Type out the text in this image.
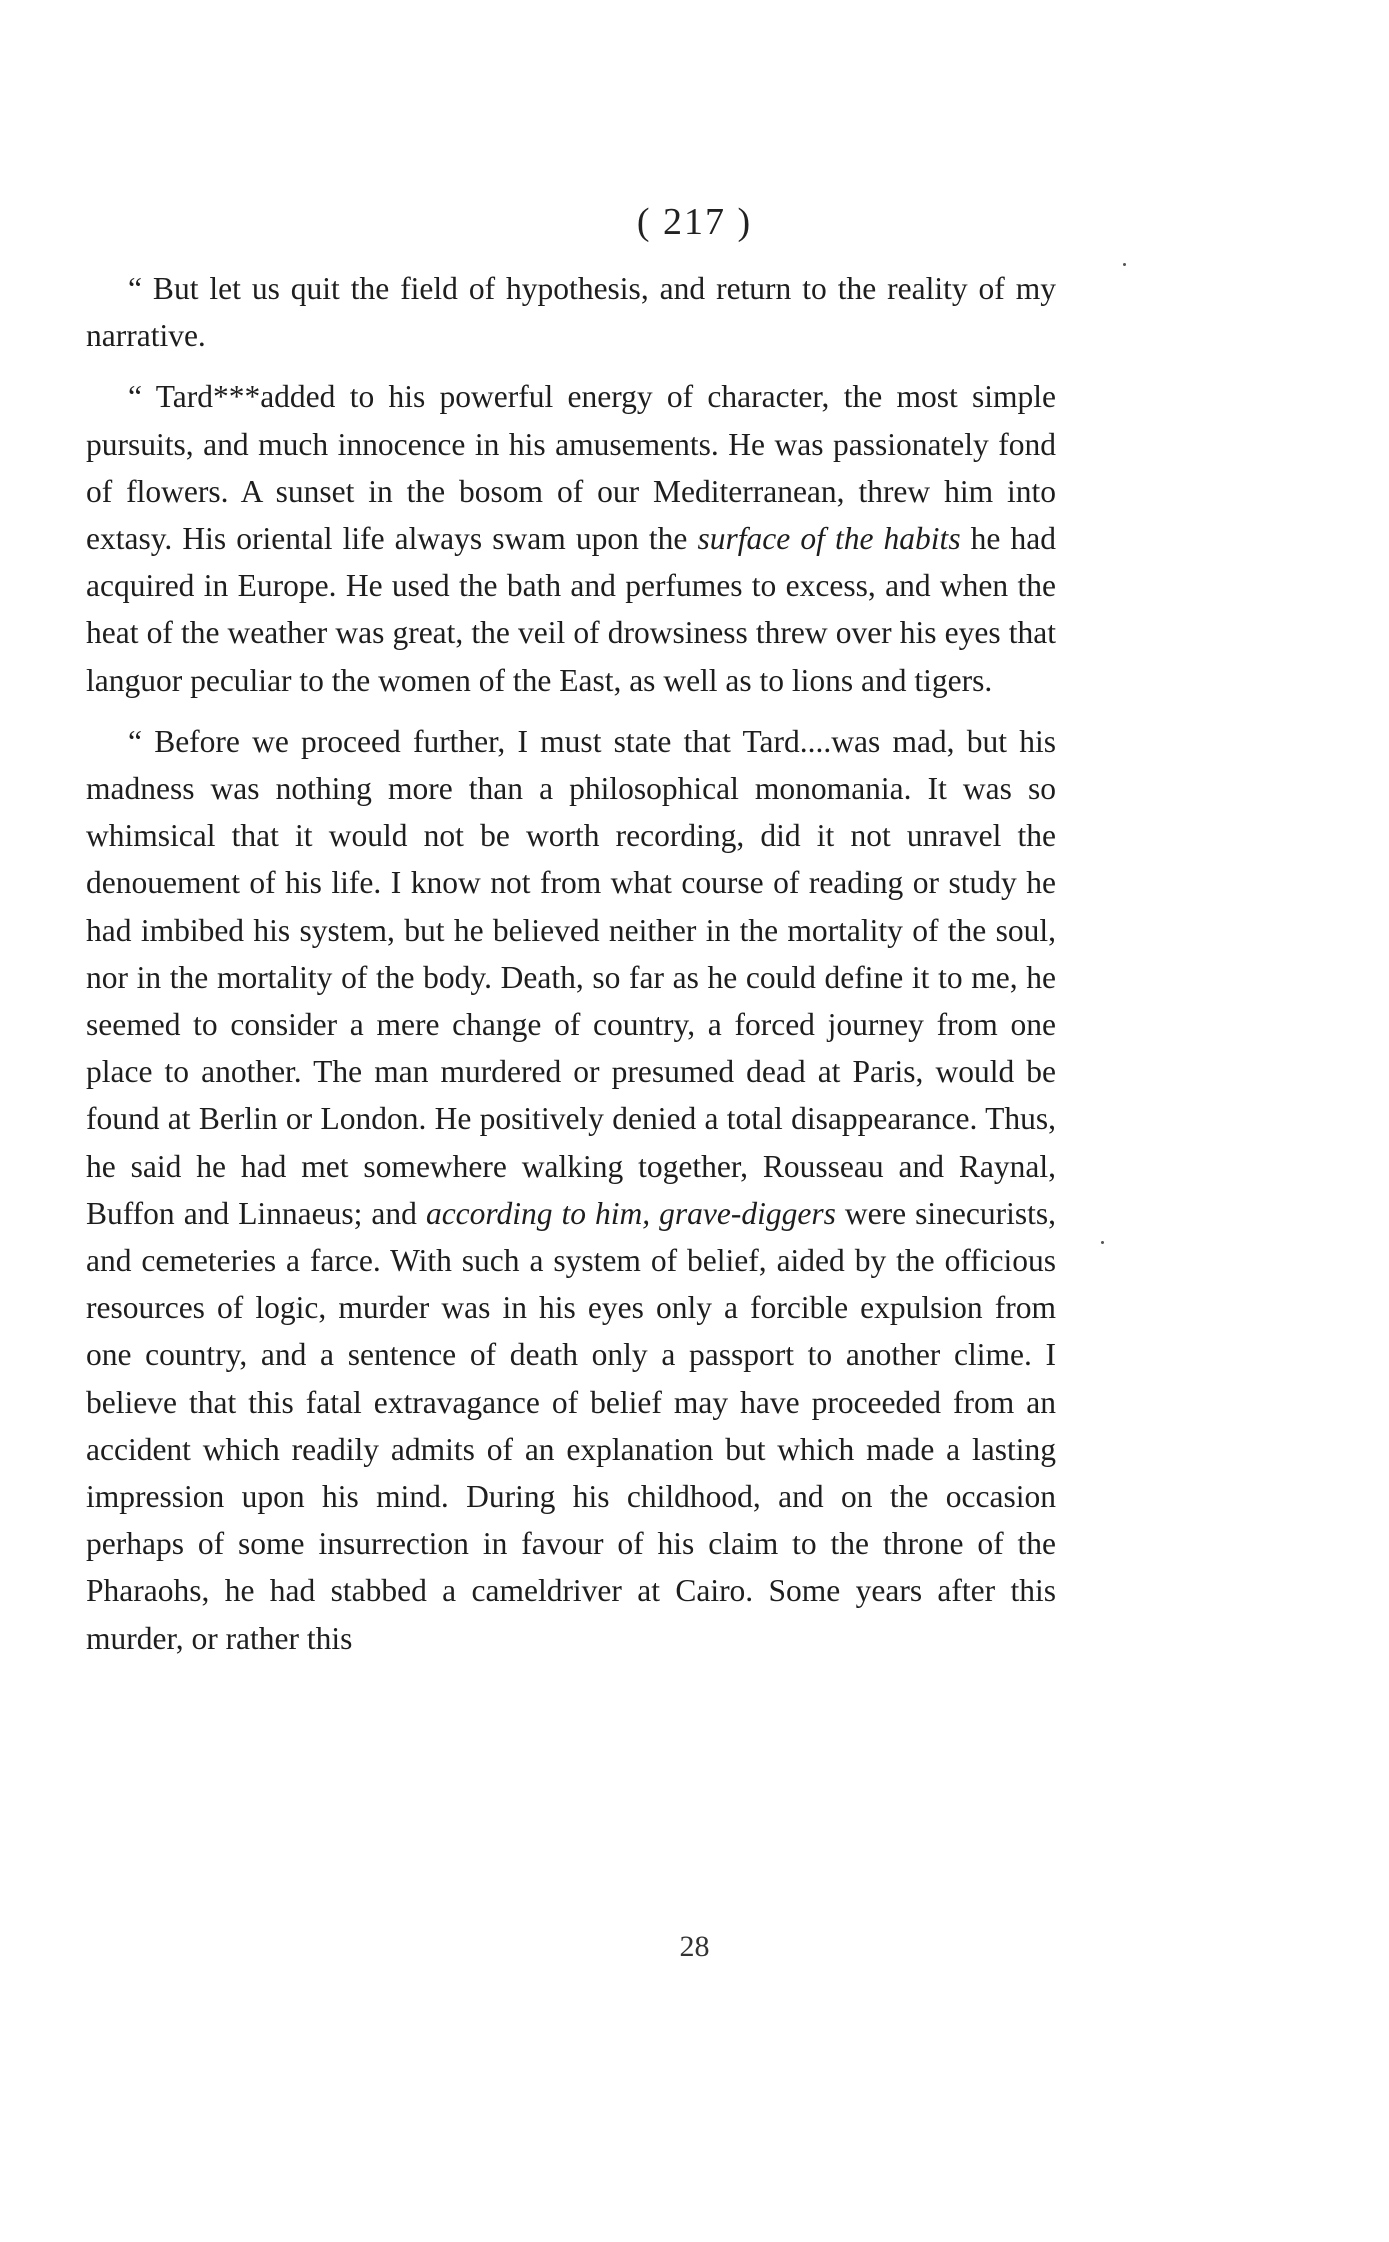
( 217 )

“ But let us quit the field of hypothesis, and return to the reality of my narrative.

“ Tard***added to his powerful energy of character, the most simple pursuits, and much innocence in his amusements. He was passionately fond of flowers. A sunset in the bosom of our Mediterranean, threw him into extasy. His oriental life always swam upon the surface of the habits he had acquired in Europe. He used the bath and perfumes to excess, and when the heat of the weather was great, the veil of drowsiness threw over his eyes that languor peculiar to the women of the East, as well as to lions and tigers.

“ Before we proceed further, I must state that Tard....was mad, but his madness was nothing more than a philosophical monomania. It was so whimsical that it would not be worth recording, did it not unravel the denouement of his life. I know not from what course of reading or study he had imbibed his system, but he believed neither in the mortality of the soul, nor in the mortality of the body. Death, so far as he could define it to me, he seemed to consider a mere change of country, a forced journey from one place to another. The man murdered or presumed dead at Paris, would be found at Berlin or London. He positively denied a total disappearance. Thus, he said he had met somewhere walking together, Rousseau and Raynal, Buffon and Linnaeus; and according to him, grave-diggers were sinecurists, and cemeteries a farce. With such a system of belief, aided by the officious resources of logic, murder was in his eyes only a forcible expulsion from one country, and a sentence of death only a passport to another clime. I believe that this fatal extravagance of belief may have proceeded from an accident which readily admits of an explanation but which made a lasting impression upon his mind. During his childhood, and on the occasion perhaps of some insurrection in favour of his claim to the throne of the Pharaohs, he had stabbed a cameldriver at Cairo. Some years after this murder, or rather this

28
